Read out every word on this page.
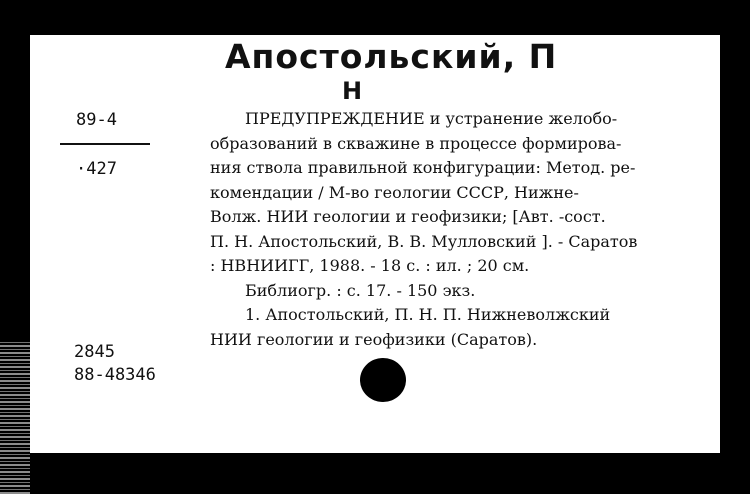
Апостольский, П
Н
89-4
·427

ПРЕДУПРЕЖДЕНИЕ и устранение желобо-

образований в скважине в процессе формирова-

ния ствола правильной конфигурации: Метод. ре-

комендации / М-во геологии СССР, Нижне-

Волж. НИИ геологии и геофизики; [Авт. -сост.

П. Н. Апостольский, В. В. Мулловский ]. - Саратов

: НВНИИГГ, 1988. - 18 с. : ил. ; 20 см.

Библиогр. : с. 17. - 150 экз.

1. Апостольский, П. Н. П. Нижневолжский

НИИ геологии и геофизики (Саратов).

2845
88-48346
